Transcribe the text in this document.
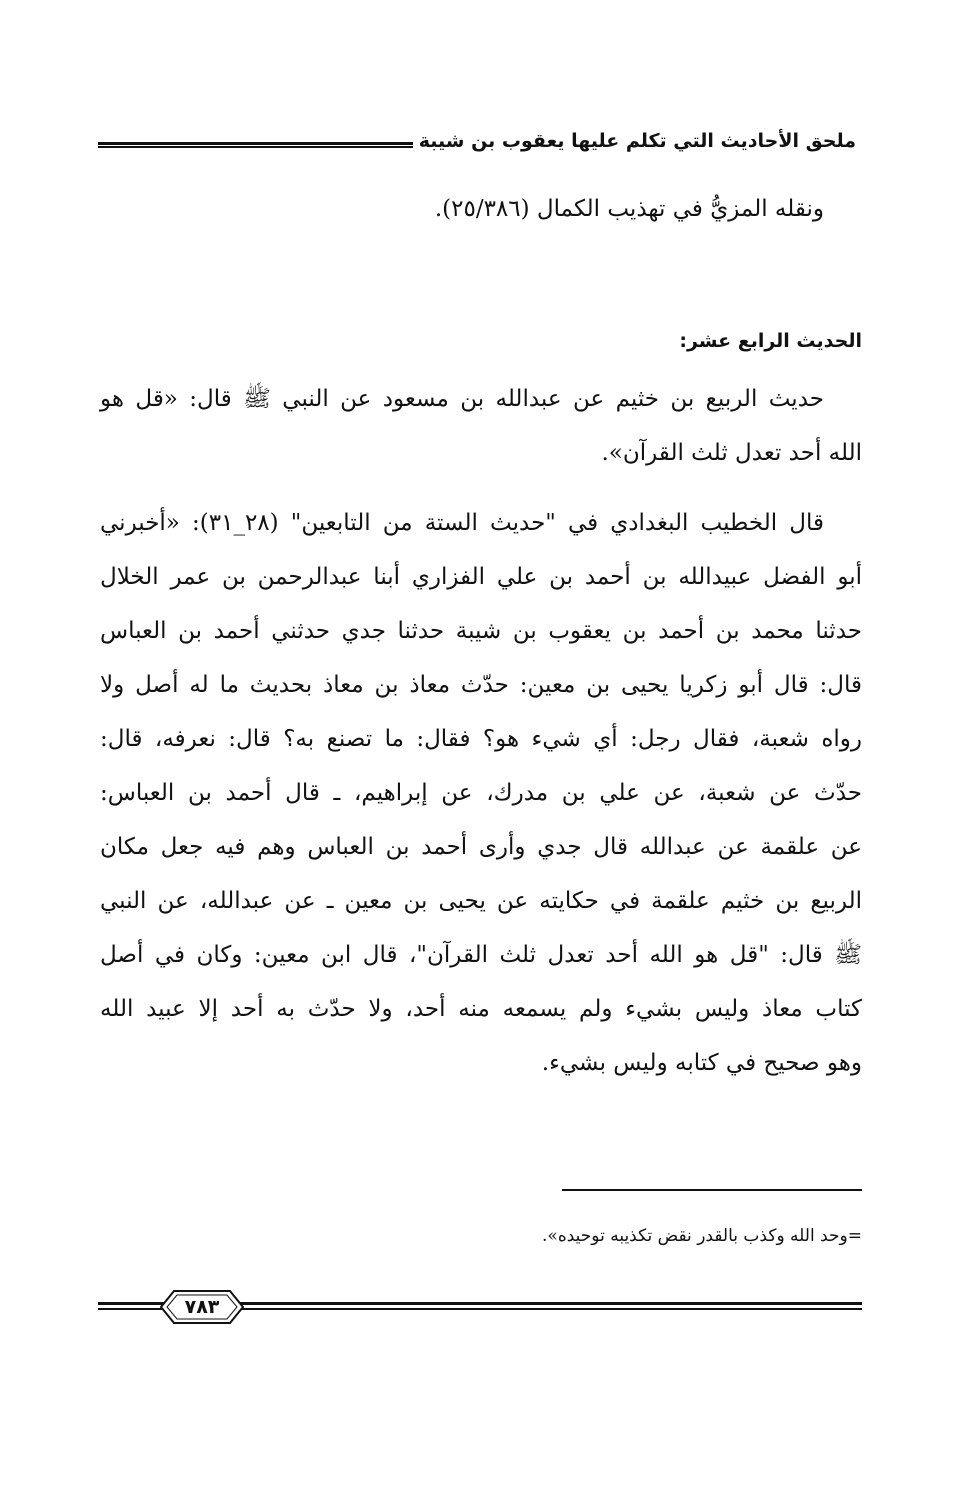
ملحق الأحاديث التي تكلم عليها يعقوب بن شيبة
ونقله المزيُّ في تهذيب الكمال (٢٥/٣٨٦).
الحديث الرابع عشر:
حديث الربيع بن خثيم عن عبدالله بن مسعود عن النبي ﷺ قال: «قل هو
الله أحد تعدل ثلث القرآن».
قال الخطيب البغدادي في "حديث الستة من التابعين" (٢٨_٣١): «أخبرني
أبو الفضل عبيدالله بن أحمد بن علي الفزاري أبنا عبدالرحمن بن عمر الخلال
حدثنا محمد بن أحمد بن يعقوب بن شيبة حدثنا جدي حدثني أحمد بن العباس
قال: قال أبو زكريا يحيى بن معين: حدّث معاذ بن معاذ بحديث ما له أصل ولا
رواه شعبة، فقال رجل: أي شيء هو؟ فقال: ما تصنع به؟ قال: نعرفه، قال:
حدّث عن شعبة، عن علي بن مدرك، عن إبراهيم، ـ قال أحمد بن العباس:
عن علقمة عن عبدالله قال جدي وأرى أحمد بن العباس وهم فيه جعل مكان
الربيع بن خثيم علقمة في حكايته عن يحيى بن معين ـ عن عبدالله، عن النبي
ﷺ قال: "قل هو الله أحد تعدل ثلث القرآن"، قال ابن معين: وكان في أصل
كتاب معاذ وليس بشيء ولم يسمعه منه أحد، ولا حدّث به أحد إلا عبيد الله
وهو صحيح في كتابه وليس بشيء.
=وحد الله وكذب بالقدر نقض تكذيبه توحيده».
٧٨٣
